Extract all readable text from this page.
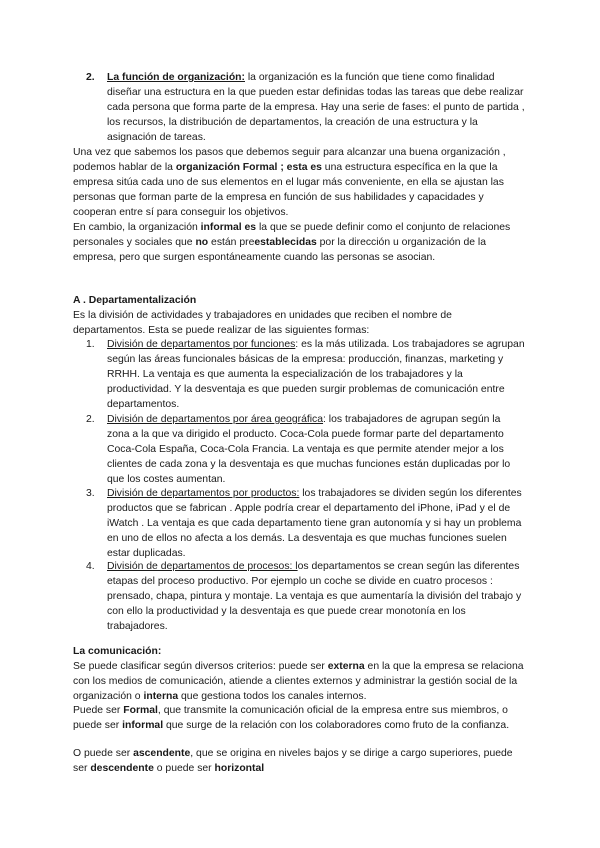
2. La función de organización: la organización es la función que tiene como finalidad diseñar una estructura en la que pueden estar definidas todas las tareas que debe realizar cada persona que forma parte de la empresa. Hay una serie de fases: el punto de partida , los recursos, la distribución de departamentos, la creación de una estructura y la asignación de tareas.

Una vez que sabemos los pasos que debemos seguir para alcanzar una buena organización , podemos hablar de la organización Formal ; esta es una estructura específica en la que la empresa sitúa cada uno de sus elementos en el lugar más conveniente, en ella se ajustan las personas que forman parte de la empresa en función de sus habilidades y capacidades y cooperan entre sí para conseguir los objetivos.

En cambio, la organización informal es la que se puede definir como el conjunto de relaciones personales y sociales que no están preestablecidas por la dirección u organización de la empresa, pero que surgen espontáneamente cuando las personas se asocian.

A . Departamentalización

Es la división de actividades y trabajadores en unidades que reciben el nombre de departamentos. Esta se puede realizar de las siguientes formas:

1. División de departamentos por funciones: es la más utilizada. Los trabajadores se agrupan según las áreas funcionales básicas de la empresa: producción, finanzas, marketing y RRHH. La ventaja es que aumenta la especialización de los trabajadores y la productividad. Y la desventaja es que pueden surgir problemas de comunicación entre departamentos.

2. División de departamentos por área geográfica: los trabajadores de agrupan según la zona a la que va dirigido el producto. Coca-Cola puede formar parte del departamento Coca-Cola España, Coca-Cola Francia. La ventaja es que permite atender mejor a los clientes de cada zona y la desventaja es que muchas funciones están duplicadas por lo que los costes aumentan.

3. División de departamentos por productos: los trabajadores se dividen según los diferentes productos que se fabrican . Apple podría crear el departamento del iPhone, iPad y el de iWatch . La ventaja es que cada departamento tiene gran autonomía y si hay un problema en uno de ellos no afecta a los demás. La desventaja es que muchas funciones suelen estar duplicadas.

4. División de departamentos de procesos: los departamentos se crean según las diferentes etapas del proceso productivo. Por ejemplo un coche se divide en cuatro procesos : prensado, chapa, pintura y montaje. La ventaja es que aumentaría la división del trabajo y con ello la productividad y la desventaja es que puede crear monotonía en los trabajadores.

La comunicación:

Se puede clasificar según diversos criterios: puede ser externa en la que la empresa se relaciona con los medios de comunicación, atiende a clientes externos y administrar la gestión social de la organización o interna que gestiona todos los canales internos.

Puede ser Formal, que transmite la comunicación oficial de la empresa entre sus miembros, o puede ser informal que surge de la relación con los colaboradores como fruto de la confianza.

O puede ser ascendente, que se origina en niveles bajos y se dirige a cargo superiores, puede ser descendente o puede ser horizontal
